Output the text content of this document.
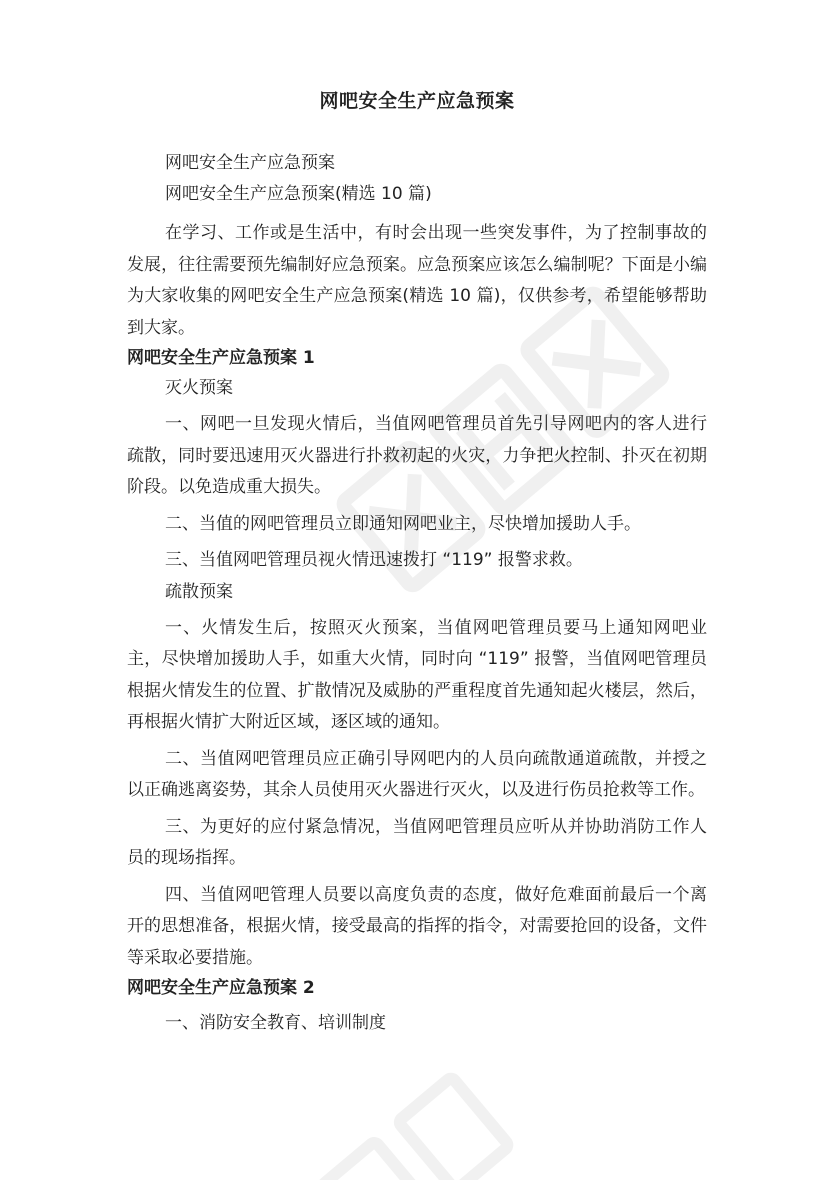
网吧安全生产应急预案

网吧安全生产应急预案

网吧安全生产应急预案(精选 10 篇)

在学习、工作或是生活中，有时会出现一些突发事件，为了控制事故的发展，往往需要预先编制好应急预案。应急预案应该怎么编制呢？下面是小编为大家收集的网吧安全生产应急预案(精选 10 篇)，仅供参考，希望能够帮助到大家。

网吧安全生产应急预案 1

灭火预案

一、网吧一旦发现火情后，当值网吧管理员首先引导网吧内的客人进行疏散，同时要迅速用灭火器进行扑救初起的火灾，力争把火控制、扑灭在初期阶段。以免造成重大损失。

二、当值的网吧管理员立即通知网吧业主，尽快增加援助人手。

三、当值网吧管理员视火情迅速拨打 “119” 报警求救。

疏散预案

一、火情发生后，按照灭火预案，当值网吧管理员要马上通知网吧业主，尽快增加援助人手，如重大火情，同时向 “119” 报警，当值网吧管理员根据火情发生的位置、扩散情况及威胁的严重程度首先通知起火楼层，然后，再根据火情扩大附近区域，逐区域的通知。

二、当值网吧管理员应正确引导网吧内的人员向疏散通道疏散，并授之以正确逃离姿势，其余人员使用灭火器进行灭火，以及进行伤员抢救等工作。

三、为更好的应付紧急情况，当值网吧管理员应听从并协助消防工作人员的现场指挥。

四、当值网吧管理人员要以高度负责的态度，做好危难面前最后一个离开的思想准备，根据火情，接受最高的指挥的指令，对需要抢回的设备，文件等采取必要措施。

网吧安全生产应急预案 2

一、消防安全教育、培训制度
